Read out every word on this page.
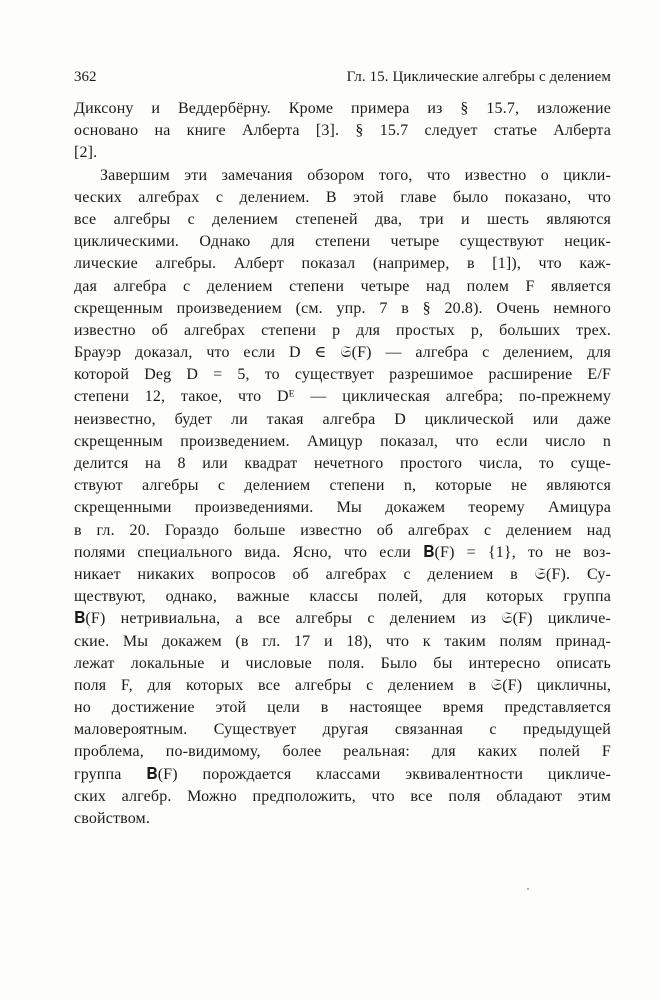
362	Гл. 15. Циклические алгебры с делением
Диксону и Веддербёрну. Кроме примера из § 15.7, изложение
основано на книге Алберта [3]. § 15.7 следует статье Алберта
[2].
Завершим эти замечания обзором того, что известно о цикли-
ческих алгебрах с делением. В этой главе было показано, что
все алгебры с делением степеней два, три и шесть являются
циклическими. Однако для степени четыре существуют нецик-
лические алгебры. Алберт показал (например, в [1]), что каж-
дая алгебра с делением степени четыре над полем F является
скрещенным произведением (см. упр. 7 в § 20.8). Очень немного
известно об алгебрах степени p для простых p, больших трех.
Брауэр доказал, что если D ∈ 𝔖(F) — алгебра с делением, для
которой Deg D = 5, то существует разрешимое расширение E/F
степени 12, такое, что Dᴱ — циклическая алгебра; по-прежнему
неизвестно, будет ли такая алгебра D циклической или даже
скрещенным произведением. Амицур показал, что если число n
делится на 8 или квадрат нечетного простого числа, то суще-
ствуют алгебры с делением степени n, которые не являются
скрещенными произведениями. Мы докажем теорему Амицура
в гл. 20. Гораздо больше известно об алгебрах с делением над
полями специального вида. Ясно, что если 𝐁(F) = {1}, то не воз-
никает никаких вопросов об алгебрах с делением в 𝔖(F). Су-
ществуют, однако, важные классы полей, для которых группа
𝐁(F) нетривиальна, а все алгебры с делением из 𝔖(F) цикличе-
ские. Мы докажем (в гл. 17 и 18), что к таким полям принад-
лежат локальные и числовые поля. Было бы интересно описать
поля F, для которых все алгебры с делением в 𝔖(F) цикличны,
но достижение этой цели в настоящее время представляется
маловероятным. Существует другая связанная с предыдущей
проблема, по-видимому, более реальная: для каких полей F
группа 𝐁(F) порождается классами эквивалентности цикличе-
ских алгебр. Можно предположить, что все поля обладают этим
свойством.
